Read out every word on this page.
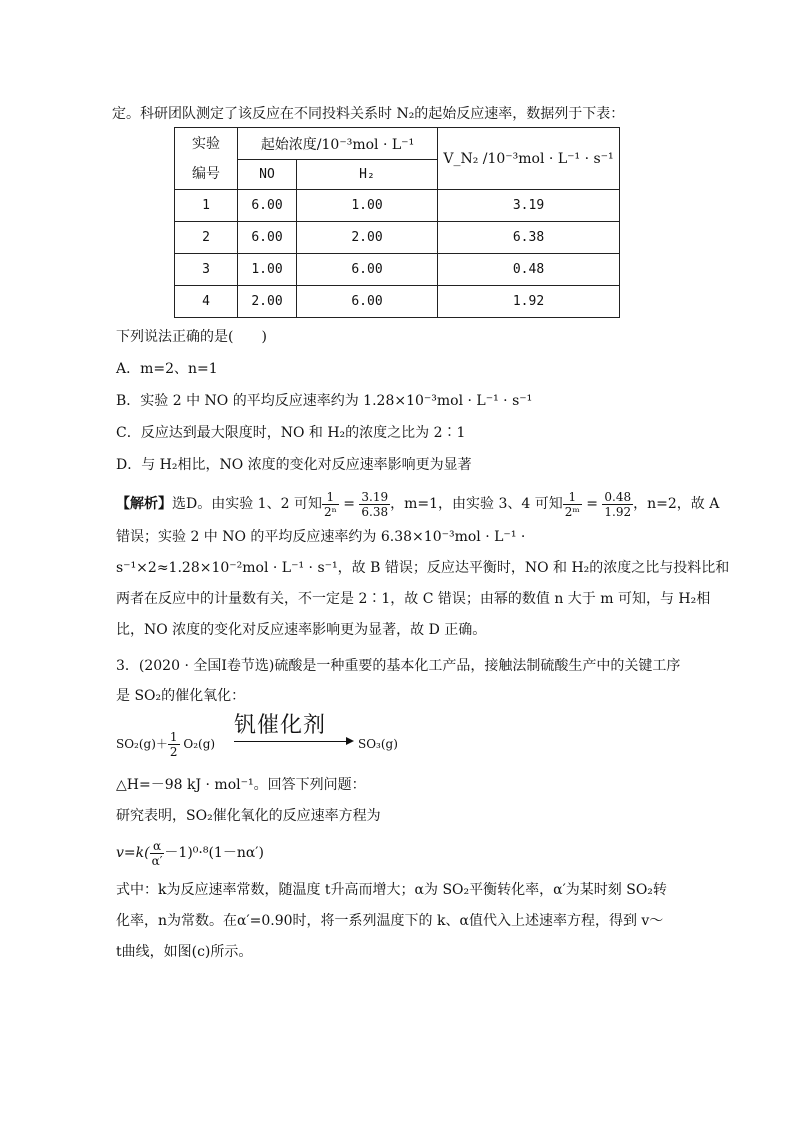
定。科研团队测定了该反应在不同投料关系时 N₂的起始反应速率，数据列于下表：
实验
编号	起始浓度/10⁻³mol · L⁻¹		V_N₂ /10⁻³mol · L⁻¹ · s⁻¹
	NO	H₂	
1	6.00	1.00	3.19
2	6.00	2.00	6.38
3	1.00	6.00	0.48
4	2.00	6.00	1.92
下列说法正确的是(　　)
A．m=2、n=1
B．实验 2 中 NO 的平均反应速率约为 1.28×10⁻³mol · L⁻¹ · s⁻¹
C．反应达到最大限度时，NO 和 H₂的浓度之比为 2∶1
D．与 H₂相比，NO 浓度的变化对反应速率影响更为显著
【解析】选D。由实验 1、2 可知 $\frac{1}{\text{2ⁿ}} = \frac{3.19}{6.38}$ ，m=1，由实验 3、4 可知 $\frac{1}{\text{2ᵐ}} = \frac{0.48}{1.92}$ ，n=2，故 A
错误；实验 2 中 NO 的平均反应速率约为 6.38×10⁻³mol · L⁻¹ ·
s⁻¹×2≈1.28×10⁻²mol · L⁻¹ · s⁻¹，故 B 错误；反应达平衡时，NO 和 H₂的浓度之比与投料比和
两者在反应中的计量数有关，不一定是 2∶1，故 C 错误；由幂的数值 n 大于 m 可知，与 H₂相
比，NO 浓度的变化对反应速率影响更为显著，故 D 正确。
3．(2020 · 全国Ⅰ卷节选)硫酸是一种重要的基本化工产品，接触法制硫酸生产中的关键工序
是 SO₂的催化氧化：
$SO_2(g)+ \frac{1}{2} O_2(g)$
钒催化剂
SO₃(g)
△H=－98 kJ · mol⁻¹。回答下列问题：
研究表明，SO₂催化氧化的反应速率方程为
$v=k( \frac{\alpha}{\alpha'} -1)^0\cdot^8(1-n\alpha')$
式中：k为反应速率常数，随温度 t升高而增大；α为 SO₂平衡转化率，α′为某时刻 SO₂转
化率，n为常数。在α′=0.90时，将一系列温度下的 k、α值代入上述速率方程，得到 v～
t曲线，如图(c)所示。
